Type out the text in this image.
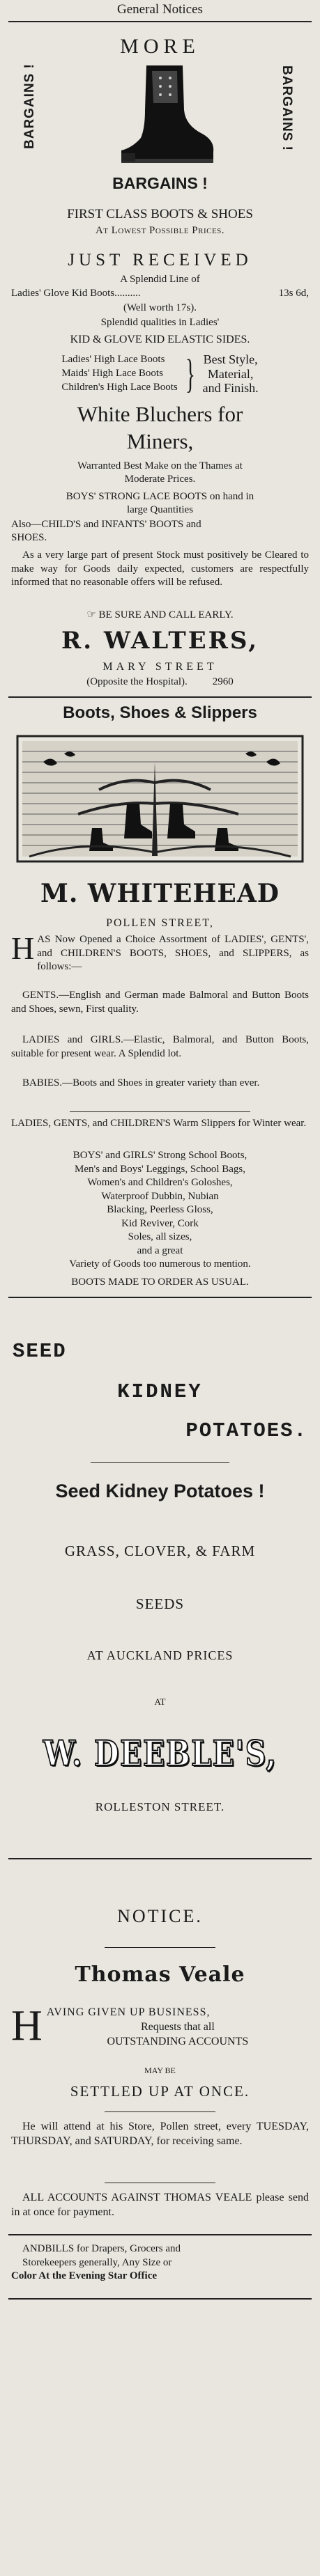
General Notices
MORE
BARGAINS !	BARGAINS !
BARGAINS !
FIRST CLASS BOOTS & SHOES
At Lowest Possible Prices.
JUST RECEIVED
A Splendid Line of
Ladies' Glove Kid Boots..........	13s 6d,
(Well worth 17s).
Splendid qualities in Ladies'
KID & GLOVE KID ELASTIC SIDES.
Ladies' High Lace Boots
Maids' High Lace Boots
Children's High Lace Boots } Best Style,
Material,
and Finish.
White Bluchers for
Miners,
Warranted Best Make on the Thames at
Moderate Prices.
BOYS' STRONG LACE BOOTS on hand in
large Quantities
Also—CHILD'S and INFANTS' BOOTS and
SHOES.
As a very large part of present Stock must positively be Cleared to make way for Goods daily expected, customers are respectfully informed that no reasonable offers will be refused.
☞ BE SURE AND CALL EARLY.
R. WALTERS,
MARY STREET
(Opposite the Hospital). 2960
Boots, Shoes & Slippers
M. WHITEHEAD
POLLEN STREET,
HAS Now Opened a Choice Assortment of LADIES', GENTS', and CHILDREN'S BOOTS, SHOES, and SLIPPERS, as follows:—
GENTS.—English and German made Balmoral and Button Boots and Shoes, sewn, First quality.
LADIES and GIRLS.—Elastic, Balmoral, and Button Boots, suitable for present wear. A Splendid lot.
BABIES.—Boots and Shoes in greater variety than ever.
LADIES, GENTS, and CHILDREN'S Warm Slippers for Winter wear.
BOYS' and GIRLS' Strong School Boots,
Men's and Boys' Leggings, School Bags,
Women's and Children's Goloshes,
Waterproof Dubbin, Nubian
Blacking, Peerless Gloss,
Kid Reviver, Cork
Soles, all sizes,
and a great
Variety of Goods too numerous to mention.
BOOTS MADE TO ORDER AS USUAL.
SEED
KIDNEY
POTATOES.
Seed Kidney Potatoes !
GRASS, CLOVER, & FARM
SEEDS
AT AUCKLAND PRICES
AT
W. DEEBLE'S,
ROLLESTON STREET.
NOTICE.
Thomas Veale
H AVING GIVEN UP BUSINESS,
Requests that all
OUTSTANDING ACCOUNTS
MAY BE
SETTLED UP AT ONCE.
He will attend at his Store, Pollen street, every TUESDAY, THURSDAY, and SATURDAY, for receiving same.
ALL ACCOUNTS AGAINST THOMAS VEALE please send in at once for payment.
ANDBILLS for Drapers, Grocers and
Storekeepers generally, Any Size or
Color At the Evening Star Office
